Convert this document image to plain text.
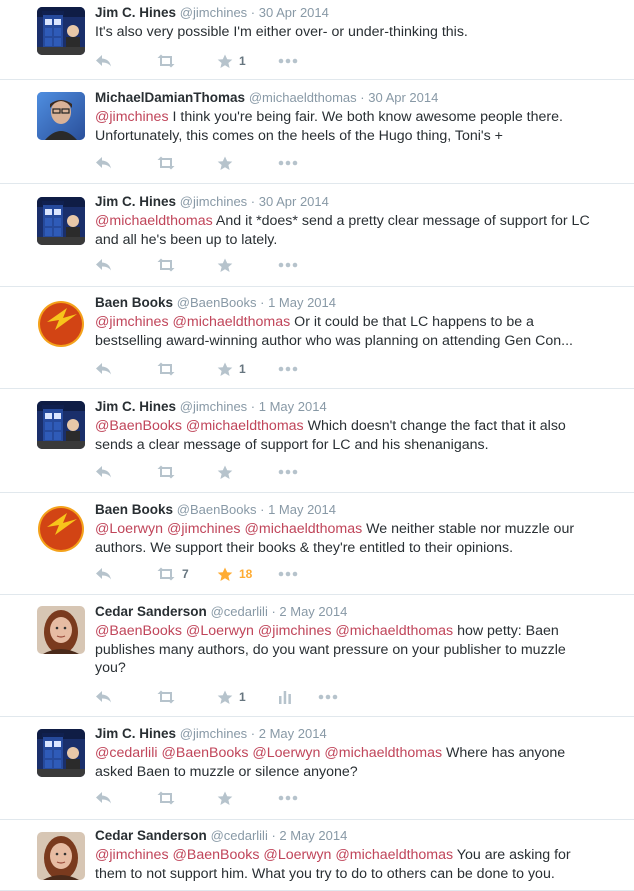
Jim C. Hines @jimchines · 30 Apr 2014
It's also very possible I'm either over- or under-thinking this.
1
MichaelDamianThomas @michaeldthomas · 30 Apr 2014
@jimchines I think you're being fair. We both know awesome people there.
Unfortunately, this comes on the heels of the Hugo thing, Toni's +
Jim C. Hines @jimchines · 30 Apr 2014
@michaeldthomas And it *does* send a pretty clear message of support for LC
and all he's been up to lately.
Baen Books @BaenBooks · 1 May 2014
@jimchines @michaeldthomas Or it could be that LC happens to be a
bestselling award-winning author who was planning on attending Gen Con...
1
Jim C. Hines @jimchines · 1 May 2014
@BaenBooks @michaeldthomas Which doesn't change the fact that it also
sends a clear message of support for LC and his shenanigans.
Baen Books @BaenBooks · 1 May 2014
@Loerwyn @jimchines @michaeldthomas We neither stable nor muzzle our
authors. We support their books & they're entitled to their opinions.
7	18
Cedar Sanderson @cedarlili · 2 May 2014
@BaenBooks @Loerwyn @jimchines @michaeldthomas how petty: Baen
publishes many authors, do you want pressure on your publisher to muzzle
you?
1
Jim C. Hines @jimchines · 2 May 2014
@cedarlili @BaenBooks @Loerwyn @michaeldthomas Where has anyone
asked Baen to muzzle or silence anyone?
Cedar Sanderson @cedarlili · 2 May 2014
@jimchines @BaenBooks @Loerwyn @michaeldthomas You are asking for
them to not support him. What you try to do to others can be done to you.
